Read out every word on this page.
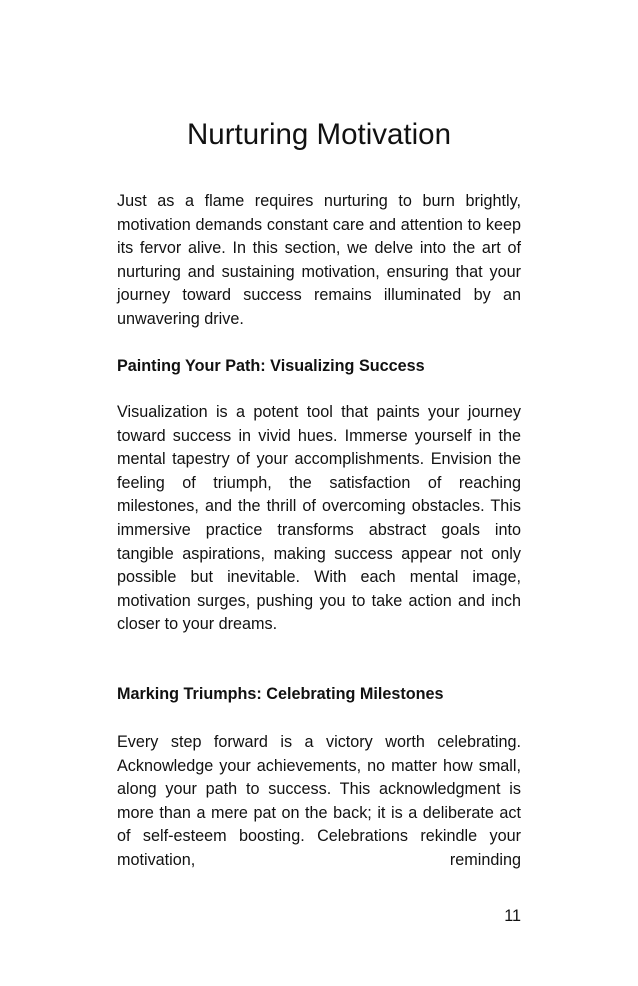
Nurturing Motivation

Just as a flame requires nurturing to burn brightly, motivation demands constant care and attention to keep its fervor alive. In this section, we delve into the art of nurturing and sustaining motivation, ensuring that your journey toward success remains illuminated by an unwavering drive.

Painting Your Path: Visualizing Success

Visualization is a potent tool that paints your journey toward success in vivid hues. Immerse yourself in the mental tapestry of your accomplishments. Envision the feeling of triumph, the satisfaction of reaching milestones, and the thrill of overcoming obstacles. This immersive practice transforms abstract goals into tangible aspirations, making success appear not only possible but inevitable. With each mental image, motivation surges, pushing you to take action and inch closer to your dreams.

Marking Triumphs: Celebrating Milestones

Every step forward is a victory worth celebrating. Acknowledge your achievements, no matter how small, along your path to success. This acknowledgment is more than a mere pat on the back; it is a deliberate act of self-esteem boosting. Celebrations rekindle your motivation, reminding

11
